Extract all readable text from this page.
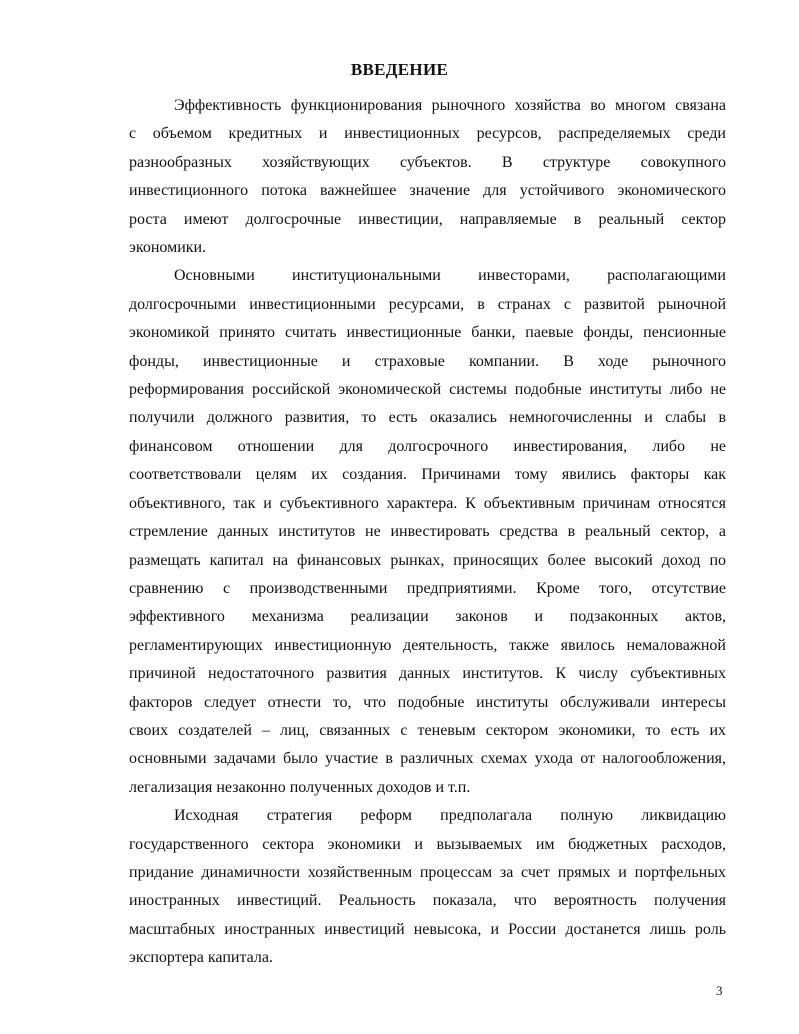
ВВЕДЕНИЕ

Эффективность функционирования рыночного хозяйства во многом связана
с объемом кредитных и инвестиционных ресурсов, распределяемых среди
разнообразных хозяйствующих субъектов. В структуре совокупного
инвестиционного потока важнейшее значение для устойчивого экономического
роста имеют долгосрочные инвестиции, направляемые в реальный сектор
экономики.

Основными институциональными инвесторами, располагающими
долгосрочными инвестиционными ресурсами, в странах с развитой рыночной
экономикой принято считать инвестиционные банки, паевые фонды, пенсионные
фонды, инвестиционные и страховые компании. В ходе рыночного
реформирования российской экономической системы подобные институты либо не
получили должного развития, то есть оказались немногочисленны и слабы в
финансовом отношении для долгосрочного инвестирования, либо не
соответствовали целям их создания. Причинами тому явились факторы как
объективного, так и субъективного характера. К объективным причинам относятся
стремление данных институтов не инвестировать средства в реальный сектор, а
размещать капитал на финансовых рынках, приносящих более высокий доход по
сравнению с производственными предприятиями. Кроме того, отсутствие
эффективного механизма реализации законов и подзаконных актов,
регламентирующих инвестиционную деятельность, также явилось немаловажной
причиной недостаточного развития данных институтов. К числу субъективных
факторов следует отнести то, что подобные институты обслуживали интересы
своих создателей – лиц, связанных с теневым сектором экономики, то есть их
основными задачами было участие в различных схемах ухода от налогообложения,
легализация незаконно полученных доходов и т.п.

Исходная стратегия реформ предполагала полную ликвидацию
государственного сектора экономики и вызываемых им бюджетных расходов,
придание динамичности хозяйственным процессам за счет прямых и портфельных
иностранных инвестиций. Реальность показала, что вероятность получения
масштабных иностранных инвестиций невысока, и России достанется лишь роль
экспортера капитала.

3
